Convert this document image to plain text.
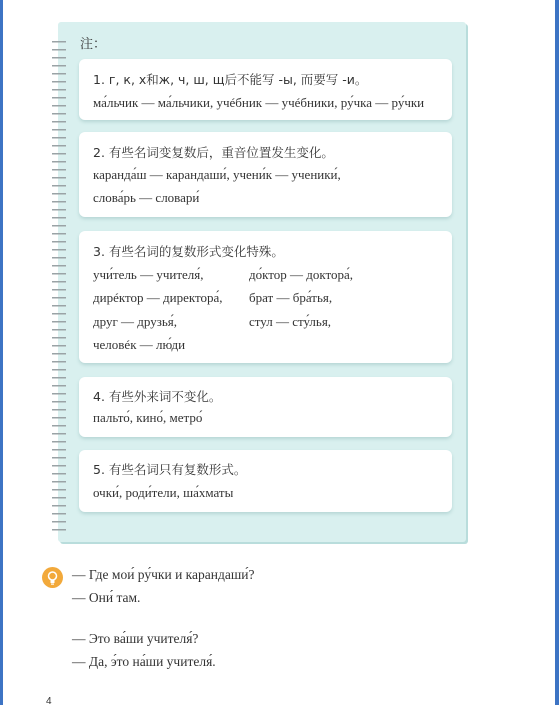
注：
1. г, к, х和ж, ч, ш, щ后不能写 -ы, 而要写 -и。
ма́льчик — ма́льчики, учéбник — учéбники, ру́чка — ру́чки
2. 有些名词变复数后，重音位置发生变化。
каранда́ш — карандаши́, учени́к — ученики́,
слова́рь — словари́
3. 有些名词的复数形式变化特殊。
учи́тель — учителя́,	до́ктор — доктора́,
дирéктор — директора́, брат — бра́тья,
друг — друзья́,	стул — сту́лья,
человéк — лю́ди
4. 有些外来词不变化。
пальто́, кино́, метро́
5. 有些名词只有复数形式。
очки́, роди́тели, ша́хматы
— Где мои́ ру́чки и карандаши́?
— Они́ там.
— Это ва́ши учителя́?
— Да, э́то на́ши учителя́.
4
